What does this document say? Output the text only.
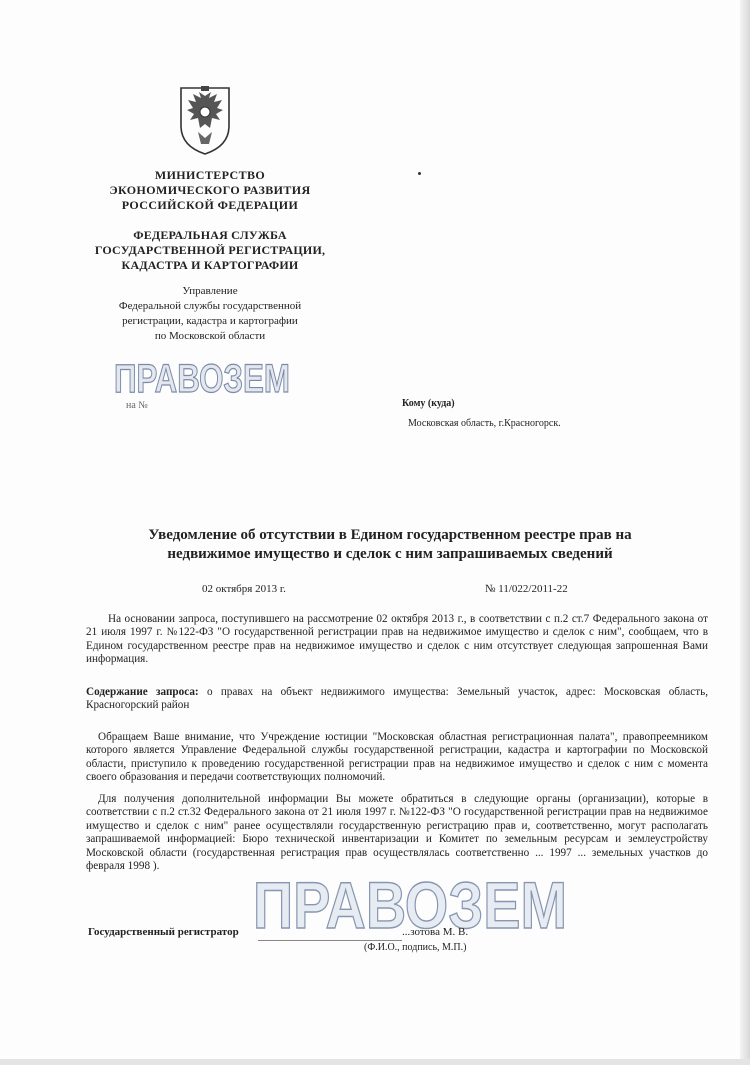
МИНИСТЕРСТВО
ЭКОНОМИЧЕСКОГО РАЗВИТИЯ
РОССИЙСКОЙ ФЕДЕРАЦИИ
ФЕДЕРАЛЬНАЯ СЛУЖБА
ГОСУДАРСТВЕННОЙ РЕГИСТРАЦИИ,
КАДАСТРА И КАРТОГРАФИИ
Управление
Федеральной службы государственной
регистрации, кадастра и картографии
по Московской области
ПРАВОЗЕМ
на №	Кому (куда)
Московская область, г.Красногорск.
Уведомление об отсутствии в Едином государственном реестре прав на
недвижимое имущество и сделок с ним запрашиваемых сведений
02 октября 2013 г.	№ 11/022/2011-22
На основании запроса, поступившего на рассмотрение 02 октября 2013 г., в соответствии с п.2 ст.7 Федерального закона от 21 июля 1997 г. №122-ФЗ "О государственной регистрации прав на недвижимое имущество и сделок с ним", сообщаем, что в Едином государственном реестре прав на недвижимое имущество и сделок с ним отсутствует следующая запрошенная Вами информация.
Содержание запроса: о правах на объект недвижимого имущества: Земельный участок, адрес: Московская область, Красногорский район
Обращаем Ваше внимание, что Учреждение юстиции "Московская областная регистрационная палата", правопреемником которого является Управление Федеральной службы государственной регистрации, кадастра и картографии по Московской области, приступило к проведению государственной регистрации прав на недвижимое имущество и сделок с ним с момента своего образования и передачи соответствующих полномочий.
Для получения дополнительной информации Вы можете обратиться в следующие органы (организации), которые в соответствии с п.2 ст.32 Федерального закона от 21 июля 1997 г. №122-ФЗ "О государственной регистрации прав на недвижимое имущество и сделок с ним" ранее осуществляли государственную регистрацию прав и, соответственно, могут располагать запрашиваемой информацией: Бюро технической инвентаризации и Комитет по земельным ресурсам и землеустройству Московской области (государственная регистрация прав осуществлялась соответственно ... 1997 ... земельных участков до февраля 1998 ).
ПРАВОЗЕМ
Государственный регистратор	...зотова М. В.
(Ф.И.О., подпись, М.П.)
